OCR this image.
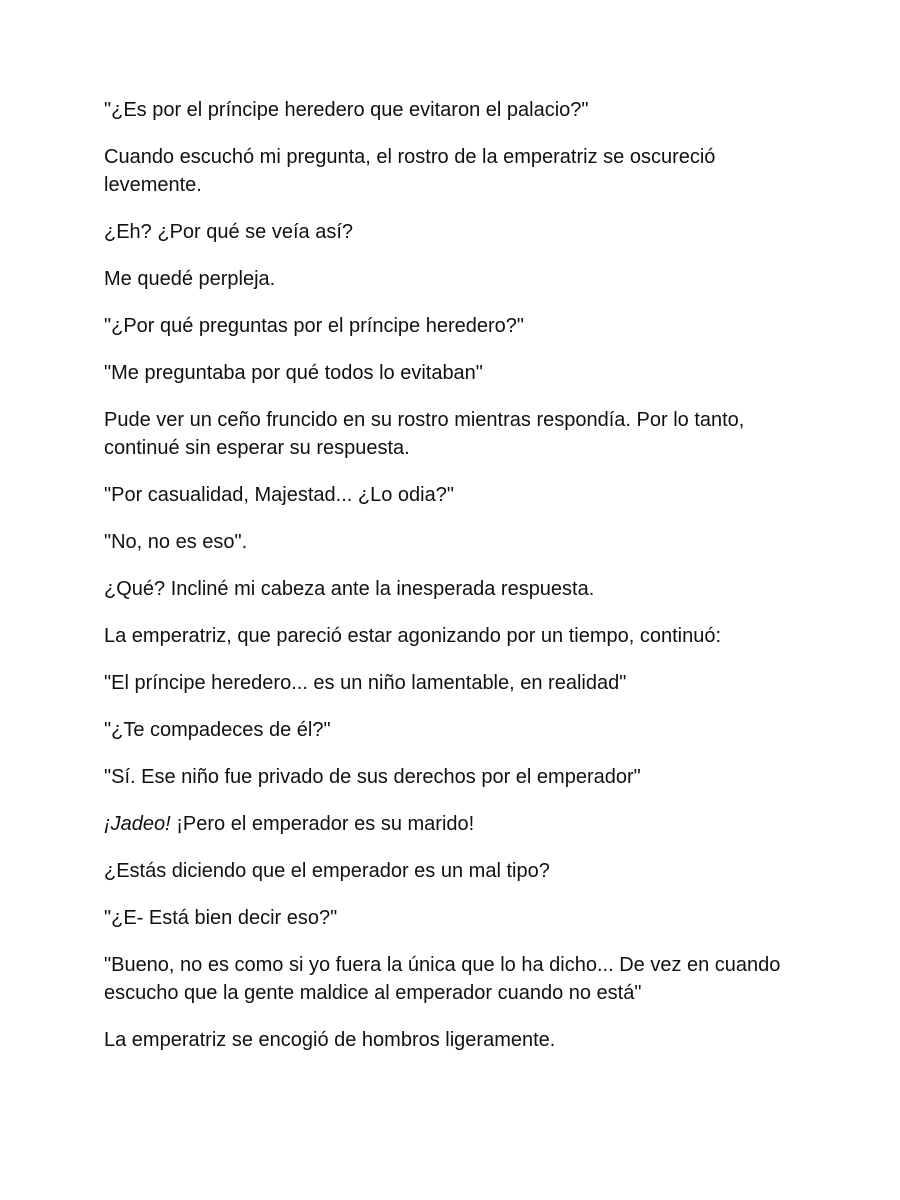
"¿Es por el príncipe heredero que evitaron el palacio?"

Cuando escuchó mi pregunta, el rostro de la emperatriz se oscureció levemente.

¿Eh? ¿Por qué se veía así?

Me quedé perpleja.

"¿Por qué preguntas por el príncipe heredero?"

"Me preguntaba por qué todos lo evitaban"

Pude ver un ceño fruncido en su rostro mientras respondía. Por lo tanto, continué sin esperar su respuesta.

"Por casualidad, Majestad... ¿Lo odia?"

"No, no es eso".

¿Qué? Incliné mi cabeza ante la inesperada respuesta.

La emperatriz, que pareció estar agonizando por un tiempo, continuó:

"El príncipe heredero... es un niño lamentable, en realidad"

"¿Te compadeces de él?"

"Sí. Ese niño fue privado de sus derechos por el emperador"

¡Jadeo! ¡Pero el emperador es su marido!

¿Estás diciendo que el emperador es un mal tipo?

"¿E- Está bien decir eso?"

"Bueno, no es como si yo fuera la única que lo ha dicho... De vez en cuando escucho que la gente maldice al emperador cuando no está"

La emperatriz se encogió de hombros ligeramente.
